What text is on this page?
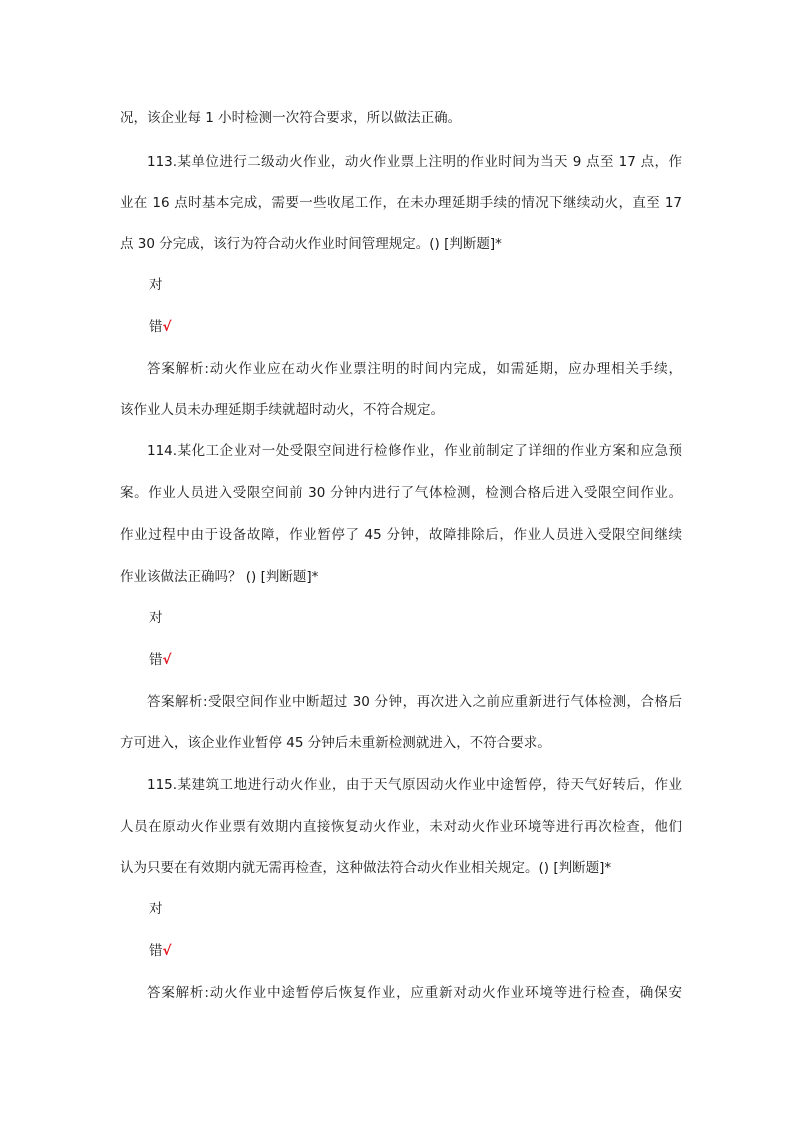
况，该企业每 1 小时检测一次符合要求，所以做法正确。
113.某单位进行二级动火作业，动火作业票上注明的作业时间为当天 9 点至 17 点，作
业在 16 点时基本完成，需要一些收尾工作，在未办理延期手续的情况下继续动火，直至 17
点 30 分完成，该行为符合动火作业时间管理规定。() [判断题]*
对
错√
答案解析:动火作业应在动火作业票注明的时间内完成，如需延期，应办理相关手续，
该作业人员未办理延期手续就超时动火，不符合规定。
114.某化工企业对一处受限空间进行检修作业，作业前制定了详细的作业方案和应急预
案。作业人员进入受限空间前 30 分钟内进行了气体检测，检测合格后进入受限空间作业。
作业过程中由于设备故障，作业暂停了 45 分钟，故障排除后，作业人员进入受限空间继续
作业该做法正确吗？ () [判断题]*
对
错√
答案解析:受限空间作业中断超过 30 分钟，再次进入之前应重新进行气体检测，合格后
方可进入，该企业作业暂停 45 分钟后未重新检测就进入，不符合要求。
115.某建筑工地进行动火作业，由于天气原因动火作业中途暂停，待天气好转后，作业
人员在原动火作业票有效期内直接恢复动火作业，未对动火作业环境等进行再次检查，他们
认为只要在有效期内就无需再检查，这种做法符合动火作业相关规定。() [判断题]*
对
错√
答案解析:动火作业中途暂停后恢复作业，应重新对动火作业环境等进行检查，确保安
